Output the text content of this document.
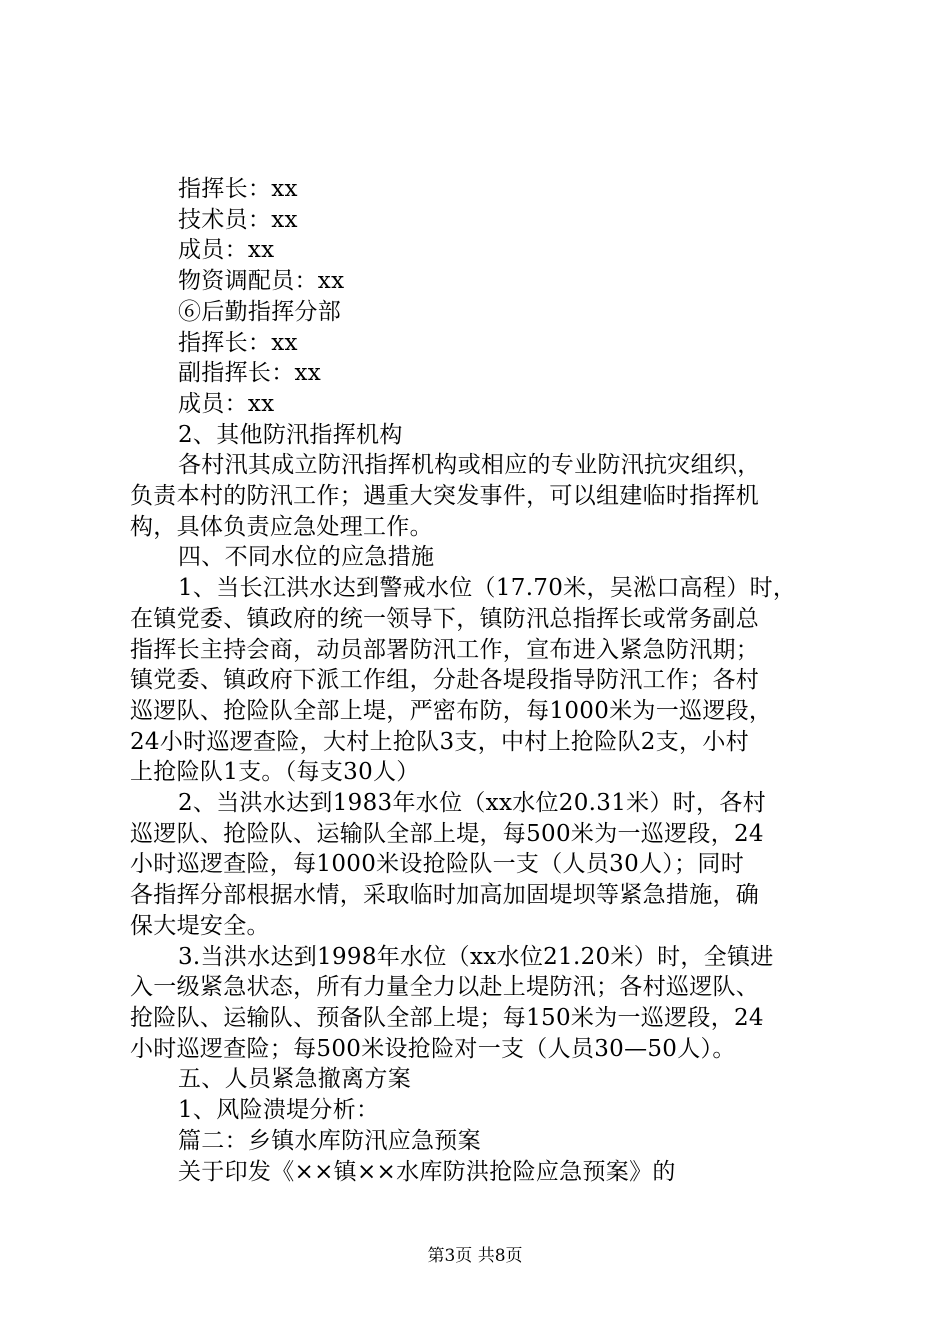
指挥长：xx
技术员：xx
成员：xx
物资调配员：xx
⑥后勤指挥分部
指挥长：xx
副指挥长：xx
成员：xx
2、其他防汛指挥机构
各村汛其成立防汛指挥机构或相应的专业防汛抗灾组织，
负责本村的防汛工作；遇重大突发事件，可以组建临时指挥机
构，具体负责应急处理工作。
四、不同水位的应急措施
1、当长江洪水达到警戒水位（17.70米，吴淞口高程）时，
在镇党委、镇政府的统一领导下，镇防汛总指挥长或常务副总
指挥长主持会商，动员部署防汛工作，宣布进入紧急防汛期；
镇党委、镇政府下派工作组，分赴各堤段指导防汛工作；各村
巡逻队、抢险队全部上堤，严密布防，每1000米为一巡逻段，
24小时巡逻查险，大村上抢队3支，中村上抢险队2支，小村
上抢险队1支。（每支30人）
2、当洪水达到1983年水位（xx水位20.31米）时，各村
巡逻队、抢险队、运输队全部上堤，每500米为一巡逻段，24
小时巡逻查险，每1000米设抢险队一支（人员30人）；同时
各指挥分部根据水情，采取临时加高加固堤坝等紧急措施，确
保大堤安全。
3.当洪水达到1998年水位（xx水位21.20米）时，全镇进
入一级紧急状态，所有力量全力以赴上堤防汛；各村巡逻队、
抢险队、运输队、预备队全部上堤；每150米为一巡逻段，24
小时巡逻查险；每500米设抢险对一支（人员30—50人）。
五、人员紧急撤离方案
1、风险溃堤分析：
篇二：乡镇水库防汛应急预案
关于印发《××镇××水库防洪抢险应急预案》的
第3页 共8页
